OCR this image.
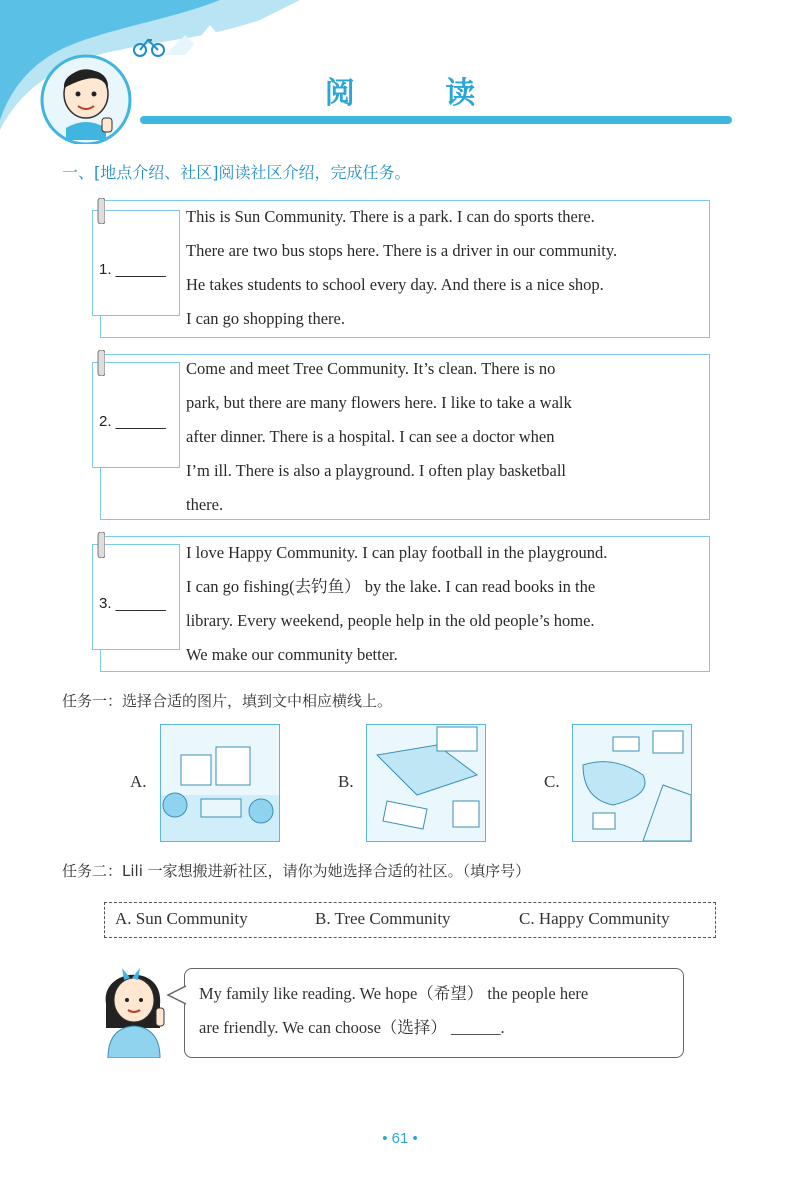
阅 读
一、[地点介绍、社区]阅读社区介绍，完成任务。
1. ______
This is Sun Community. There is a park. I can do sports there.
There are two bus stops here. There is a driver in our community.
He takes students to school every day. And there is a nice shop.
I can go shopping there.
2. ______
Come and meet Tree Community. It’s clean. There is no
park, but there are many flowers here. I like to take a walk
after dinner. There is a hospital. I can see a doctor when
I’m ill. There is also a playground. I often play basketball
there.
3. ______
I love Happy Community. I can play football in the playground.
I can go fishing(去钓鱼） by the lake. I can read books in the
library. Every weekend, people help in the old people’s home.
We make our community better.
任务一：选择合适的图片，填到文中相应横线上。
A.	B.	C.
任务二：Lili 一家想搬进新社区，请你为她选择合适的社区。（填序号）
A. Sun Community	B. Tree Community	C. Happy Community
My family like reading. We hope（希望） the people here
are friendly. We can choose（选择） ______.
• 61 •
